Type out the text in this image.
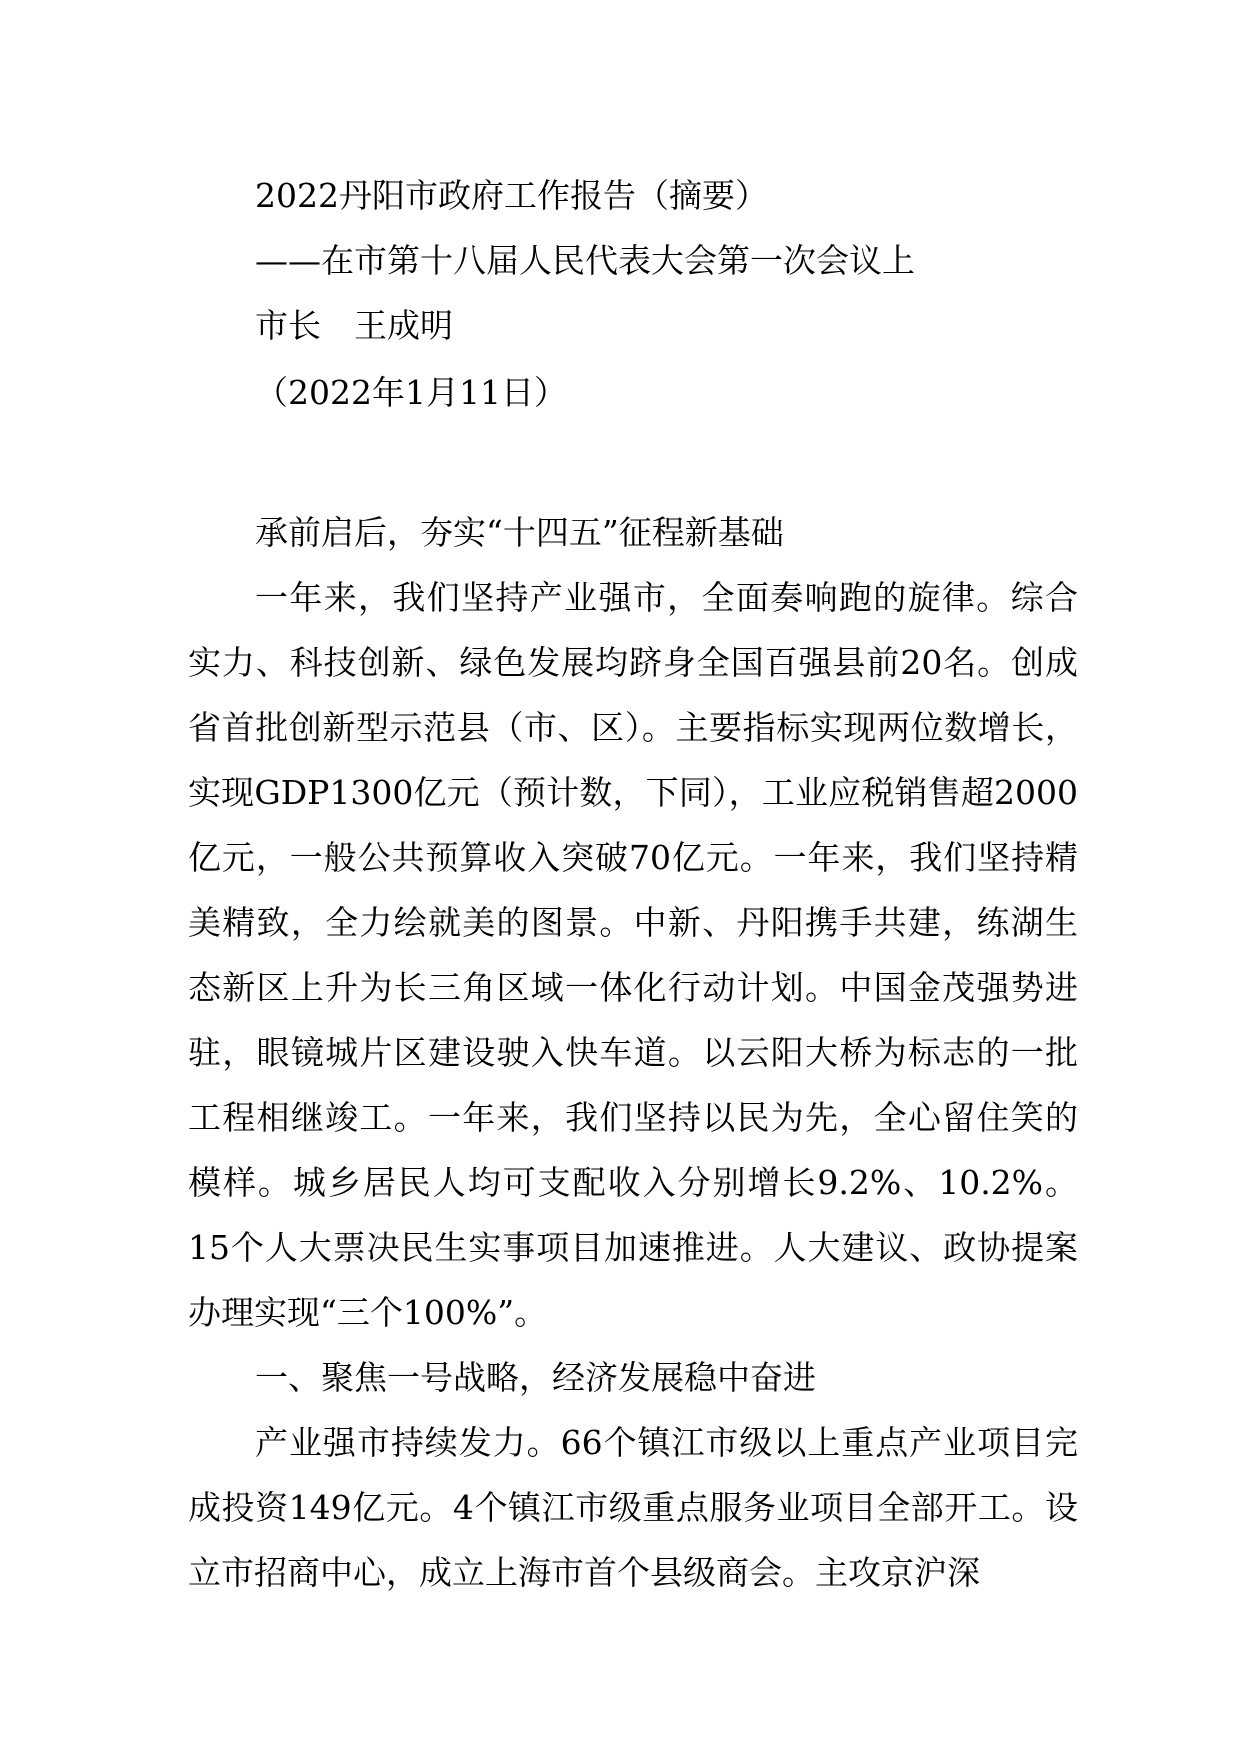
2022丹阳市政府工作报告（摘要）
——在市第十八届人民代表大会第一次会议上
市长　王成明
（2022年1月11日）

承前启后，夯实“十四五”征程新基础

一年来，我们坚持产业强市，全面奏响跑的旋律。综合实力、科技创新、绿色发展均跻身全国百强县前20名。创成省首批创新型示范县（市、区）。主要指标实现两位数增长，实现GDP1300亿元（预计数，下同），工业应税销售超2000亿元，一般公共预算收入突破70亿元。一年来，我们坚持精美精致，全力绘就美的图景。中新、丹阳携手共建，练湖生态新区上升为长三角区域一体化行动计划。中国金茂强势进驻，眼镜城片区建设驶入快车道。以云阳大桥为标志的一批工程相继竣工。一年来，我们坚持以民为先，全心留住笑的模样。城乡居民人均可支配收入分别增长9.2%、10.2%。15个人大票决民生实事项目加速推进。人大建议、政协提案办理实现“三个100%”。

一、聚焦一号战略，经济发展稳中奋进

产业强市持续发力。66个镇江市级以上重点产业项目完成投资149亿元。4个镇江市级重点服务业项目全部开工。设立市招商中心，成立上海市首个县级商会。主攻京沪深
